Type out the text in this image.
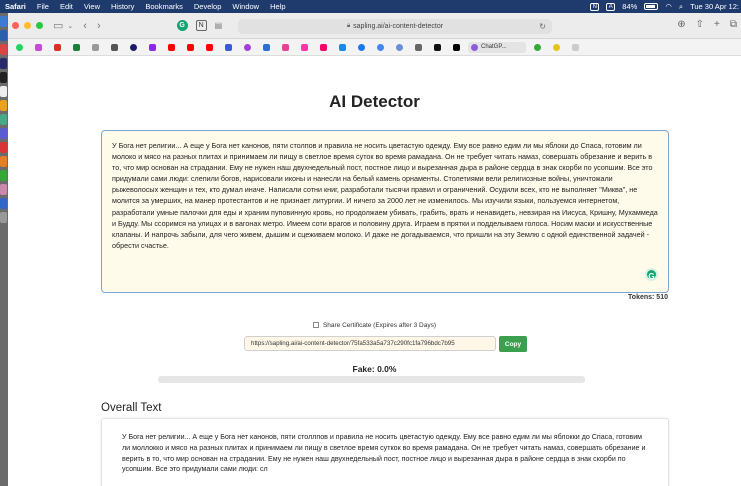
Safari File Edit View History Bookmarks Develop Window Help	N	A	84%	◠ ⌕ Tue 30 Apr 12:
▭ ⌄ ‹ ›	G	N	▤	🔒︎ sapling.ai/ai-content-detector	↻	⊕ ⇧ + ⧉
ChatGP...
AI Detector
У Бога нет религии... А еще у Бога нет канонов, пяти столпов и правила не носить цветастую одежду. Ему все равно едим ли мы яблоки до Спаса, готовим ли молоко и мясо на разных плитах и принимаем ли пищу в светлое время суток во время рамадана. Он не требует читать намаз, совершать обрезание и верить в то, что мир основан на страдании. Ему не нужен наш двухнедельный пост, постное лицо и вырезанная дыра в районе сердца в знак скорби по усопшим. Все это придумали сами люди: слепили богов, нарисовали иконы и нанесли на белый камень орнаменты. Столетиями вели религиозные войны, уничтожали рыжеволосых женщин и тех, кто думал иначе. Написали сотни книг, разработали тысячи правил и ограничений. Осудили всех, кто не выполняет "Миква", не молится за умерших, на манер протестантов и не признает литургии. И ничего за 2000 лет не изменилось. Мы изучили языки, пользуемся интернетом, разработали умные палочки для еды и храним пуповинную кровь, но продолжаем убивать, грабить, врать и ненавидеть, невзирая на Иисуса, Кришну, Мухаммеда и Будду. Мы ссоримся на улицах и в вагонах метро. Имеем соти врагов и половину друга. Играем в прятки и подделываем голоса. Носим маски и искусственные клапаны. И напрочь забыли, для чего живем, дышим и сцеживаем молоко. И даже не догадываемся, что пришли на эту Землю с одной единственной задачей - обрести счастье.
G
Tokens: 510
Share Certificate (Expires after 3 Days)
https://sapling.ai/ai-content-detector/75fa533a5a737c290fc1fa796bdc7b95	Copy
Fake: 0.0%
Overall Text
У Бога нет религии... А еще у Бога нет канонов, пяти столлпов и правила не носить цветастую одежду. Ему все равно едим ли мы яблокки до Спаса, готовим ли моллокко и мясо на разных плитах и принимаем ли пищу в светлое время суткок во время рамадана. Он не требует читать намаз, совершать обрезание и верить в то, что мир основан на страдании. Ему не нужен наш двухнедельный пост, постное лицо и вырезанная дыра в районе сердца в знак скорби по усопшим. Все это придумали сами люди: сл
